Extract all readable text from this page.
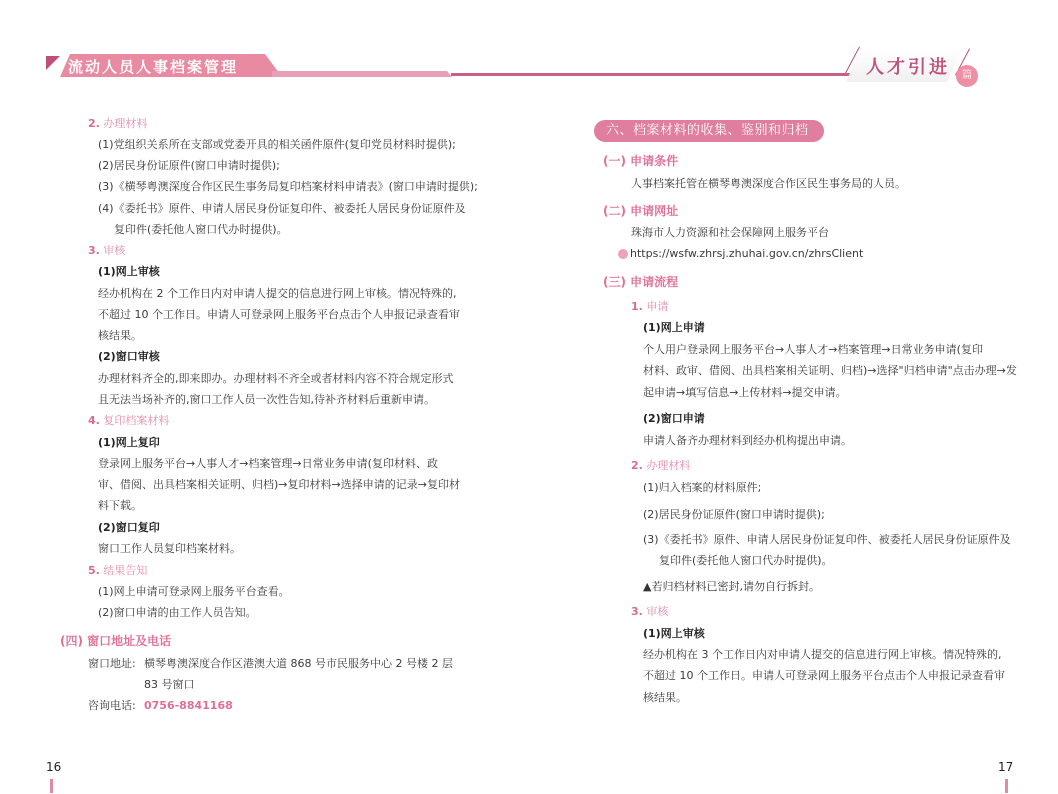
流动人员人事档案管理	人才引进	篇
2. 办理材料
(1)党组织关系所在支部或党委开具的相关函件原件(复印党员材料时提供);
(2)居民身份证原件(窗口申请时提供);
(3)《横琴粤澳深度合作区民生事务局复印档案材料申请表》(窗口申请时提供);
(4)《委托书》原件、申请人居民身份证复印件、被委托人居民身份证原件及
复印件(委托他人窗口代办时提供)。
3. 审核
(1)网上审核
经办机构在 2 个工作日内对申请人提交的信息进行网上审核。情况特殊的,
不超过 10 个工作日。申请人可登录网上服务平台点击个人申报记录查看审
核结果。
(2)窗口审核
办理材料齐全的,即来即办。办理材料不齐全或者材料内容不符合规定形式
且无法当场补齐的,窗口工作人员一次性告知,待补齐材料后重新申请。
4. 复印档案材料
(1)网上复印
登录网上服务平台→人事人才→档案管理→日常业务申请(复印材料、政
审、借阅、出具档案相关证明、归档)→复印材料→选择申请的记录→复印材
料下载。
(2)窗口复印
窗口工作人员复印档案材料。
5. 结果告知
(1)网上申请可登录网上服务平台查看。
(2)窗口申请的由工作人员告知。
(四) 窗口地址及电话
窗口地址: 横琴粤澳深度合作区港澳大道 868 号市民服务中心 2 号楼 2 层
83 号窗口
咨询电话: 0756-8841168
16
六、档案材料的收集、鉴别和归档
(一) 申请条件
人事档案托管在横琴粤澳深度合作区民生事务局的人员。
(二) 申请网址
珠海市人力资源和社会保障网上服务平台
https://wsfw.zhrsj.zhuhai.gov.cn/zhrsClient
(三) 申请流程
1. 申请
(1)网上申请
个人用户登录网上服务平台→人事人才→档案管理→日常业务申请(复印
材料、政审、借阅、出具档案相关证明、归档)→选择"归档申请"点击办理→发
起申请→填写信息→上传材料→提交申请。
(2)窗口申请
申请人备齐办理材料到经办机构提出申请。
2. 办理材料
(1)归入档案的材料原件;
(2)居民身份证原件(窗口申请时提供);
(3)《委托书》原件、申请人居民身份证复印件、被委托人居民身份证原件及
复印件(委托他人窗口代办时提供)。
▲若归档材料已密封,请勿自行拆封。
3. 审核
(1)网上审核
经办机构在 3 个工作日内对申请人提交的信息进行网上审核。情况特殊的,
不超过 10 个工作日。申请人可登录网上服务平台点击个人申报记录查看审
核结果。
17
